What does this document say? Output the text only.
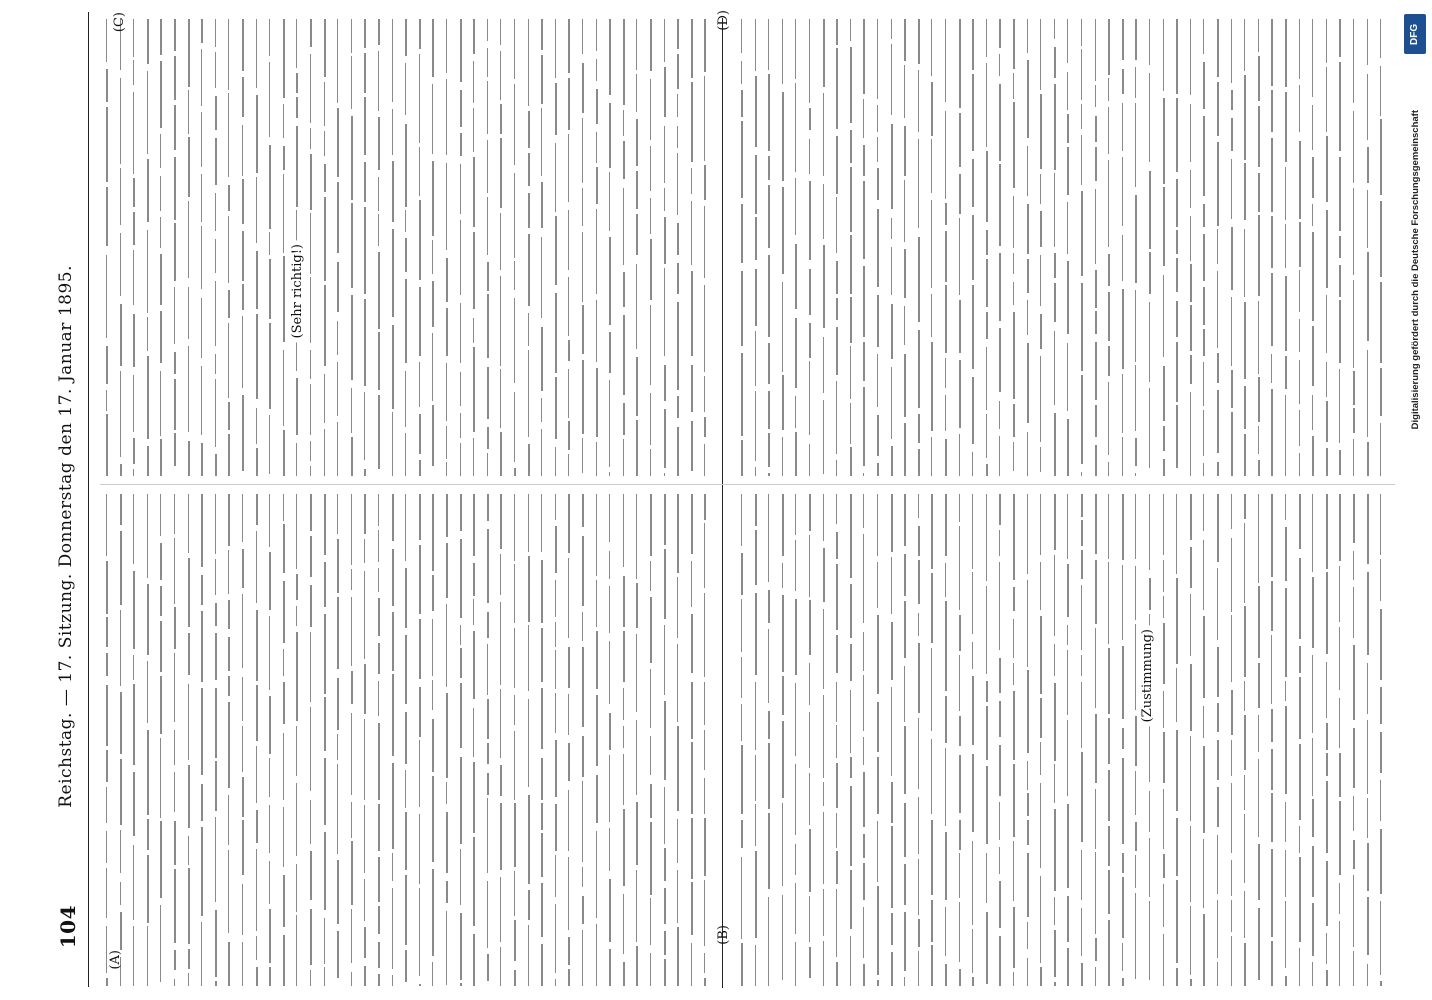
104
Reichstag. — 17. Sitzung. Donnerstag den 17. Januar 1895.
(A)
(B)
(C)	(D)
(Zustimmung)
(Sehr richtig!)	Digitalisierung gefördert durch die Deutsche Forschungsgemeinschaft
DFG
